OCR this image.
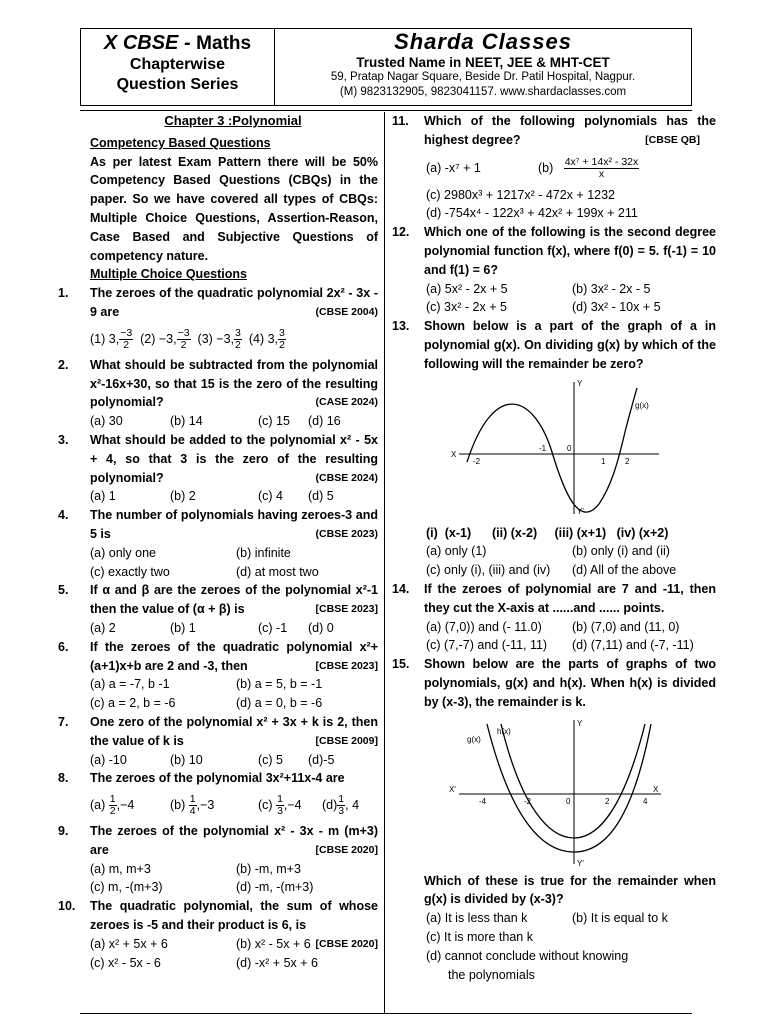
X CBSE - Maths
Chapterwise
Question Series
Sharda Classes
Trusted Name in NEET, JEE & MHT-CET
59, Pratap Nagar Square, Beside Dr. Patil Hospital, Nagpur.
(M) 9823132905, 9823041157. www.shardaclasses.com
Chapter 3 :Polynomial
Competency Based Questions
As per latest Exam Pattern there will be 50% Competency Based Questions (CBQs) in the paper. So we have covered all types of CBQs: Multiple Choice Questions, Assertion-Reason, Case Based and Subjective Questions of competency nature.
Multiple Choice Questions
1. The zeroes of the quadratic polynomial 2x² - 3x - 9 are	(CBSE 2004)
(1) 3, $\frac{-3}{2} (2) -3$, $\frac{-3}{2} (3) -3$, $\frac{3}{2} (4)$ 3, $\frac{3}{2}$
2. What should be subtracted from the polynomial x²-16x+30, so that 15 is the zero of the resulting polynomial?	(CASE 2024)
(a) 30	(b) 14	(c) 15 (d) 16
3. What should be added to the polynomial x² - 5x + 4, so that 3 is the zero of the resulting polynomial?	(CBSE 2024)
(a) 1	(b) 2	(c) 4 (d) 5
4. The number of polynomials having zeroes-3 and 5 is	(CBSE 2023)
(a) only one	(b) infinite
(c) exactly two	(d) at most two
5. If α and β are the zeroes of the polynomial x²-1 then the value of (α + β) is	[CBSE 2023]
(a) 2	(b) 1	(c) -1 (d) 0
6. If the zeroes of the quadratic polynomial x²+(a+1)x+b are 2 and -3, then	[CBSE 2023]
(a) a = -7, b -1	(b) a = 5, b = -1
(c) a = 2, b = -6	(d) a = 0, b = -6
7. One zero of the polynomial x² + 3x + k is 2, then the value of k is	[CBSE 2009]
(a) -10	(b) 10	(c) 5 (d)-5
8. The zeroes of the polynomial 3x²+11x-4 are
$(a) \frac{1}{2} ,-4$	$(b) \frac{1}{4} ,-3$	$(c) \frac{1}{3} ,-4$ $(d) \frac{1}{3}$ , 4
9. The zeroes of the polynomial x² - 3x - m (m+3) are	[CBSE 2020]
(a) m, m+3	(b) -m, m+3
(c) m, -(m+3)	(d) -m, -(m+3)
10. The quadratic polynomial, the sum of whose zeroes is -5 and their product is 6, is
[CBSE 2020]
(a) x² + 5x + 6	(b) x² - 5x + 6
(c) x² - 5x - 6	(d) -x² + 5x + 6
11. Which of the following polynomials has the highest degree?	[CBSE QB]
(a) -x⁷ + 1	$(b) \frac{\text{4x⁷ + 14x² - 32x}}{x}$
(c) 2980x³ + 1217x² - 472x + 1232
(d) -754x⁴ - 122x³ + 42x² + 199x + 211
12. Which one of the following is the second degree polynomial function f(x), where f(0) = 5. f(-1) = 10 and f(1) = 6?
(a) 5x² - 2x + 5	(b) 3x² - 2x - 5
(c) 3x² - 2x + 5	(d) 3x² - 10x + 5
13. Shown below is a part of the graph of a in polynomial g(x). On dividing g(x) by which of the following will the remainder be zero?
g(x)
X
Y
Y'
-2
-1	0
1 2
(i)  (x-1)      (ii) (x-2)     (iii) (x+1)   (iv) (x+2)
(a) only (1)	(b) only (i) and (ii)
(c) only (i), (iii) and (iv) (d) All of the above
14. If the zeroes of polynomial are 7 and -11, then they cut the X-axis at ......and ...... points.
(a) (7,0)) and (- 11.0) (b) (7,0) and (11, 0)
(c) (7,-7) and (-11, 11) (d) (7,11) and (-7, -11)
15. Shown below are the parts of graphs of two polynomials, g(x) and h(x). When h(x) is divided by (x-3), the remainder is k.
g(x)
h(x)
X'	X
Y
Y'
-4	-2	0	2	4
Which of these is true for the remainder when g(x) is divided by (x-3)?
(a) It is less than k	(b) It is equal to k
(c) It is more than k
(d) cannot conclude without knowing
the polynomials
